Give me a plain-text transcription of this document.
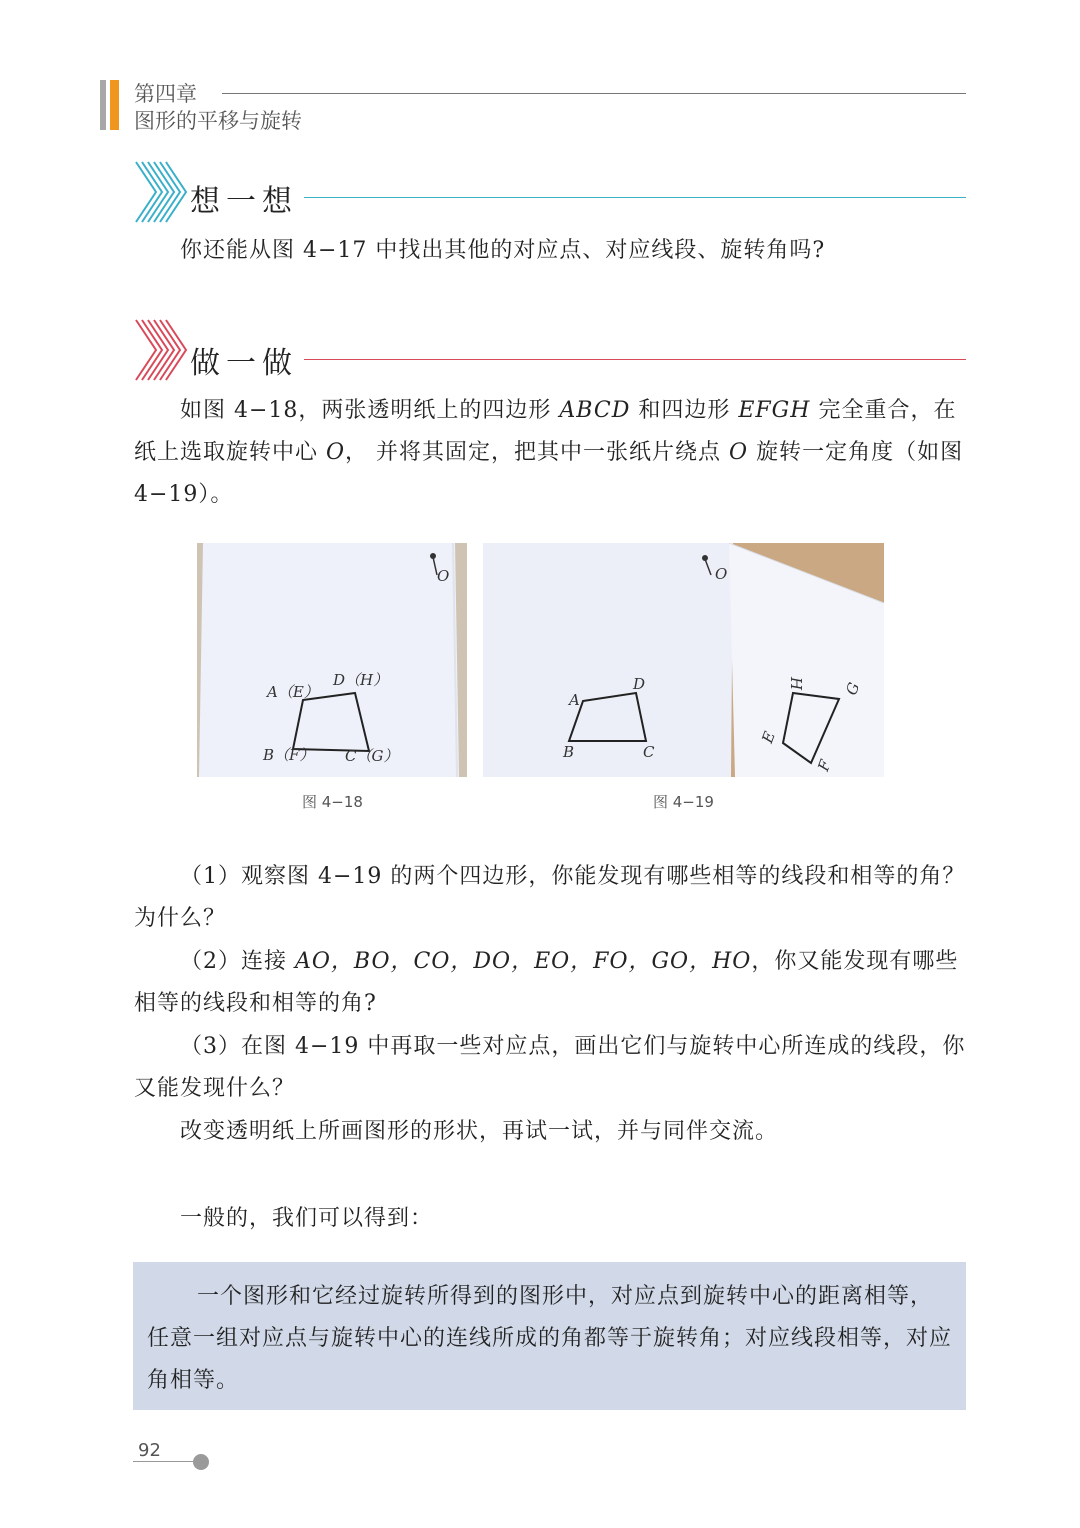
第四章
图形的平移与旋转
想一想

你还能从图 4−17 中找出其他的对应点、对应线段、旋转角吗?

做一做

如图 4−18，两张透明纸上的四边形 ABCD 和四边形 EFGH 完全重合，在纸上选取旋转中心 O， 并将其固定，把其中一张纸片绕点 O 旋转一定角度（如图 4−19）。

O
A（E）
D（H）
B（F） C（G）
O
A
D
B	C
H G
E
F
图 4−18	图 4−19

（1）观察图 4−19 的两个四边形，你能发现有哪些相等的线段和相等的角？为什么？

（2）连接 AO，BO，CO，DO，EO，FO，GO，HO，你又能发现有哪些相等的线段和相等的角?

（3）在图 4−19 中再取一些对应点，画出它们与旋转中心所连成的线段，你又能发现什么？

改变透明纸上所画图形的形状，再试一试，并与同伴交流。

一般的，我们可以得到：

一个图形和它经过旋转所得到的图形中，对应点到旋转中心的距离相等，任意一组对应点与旋转中心的连线所成的角都等于旋转角；对应线段相等，对应角相等。

92
